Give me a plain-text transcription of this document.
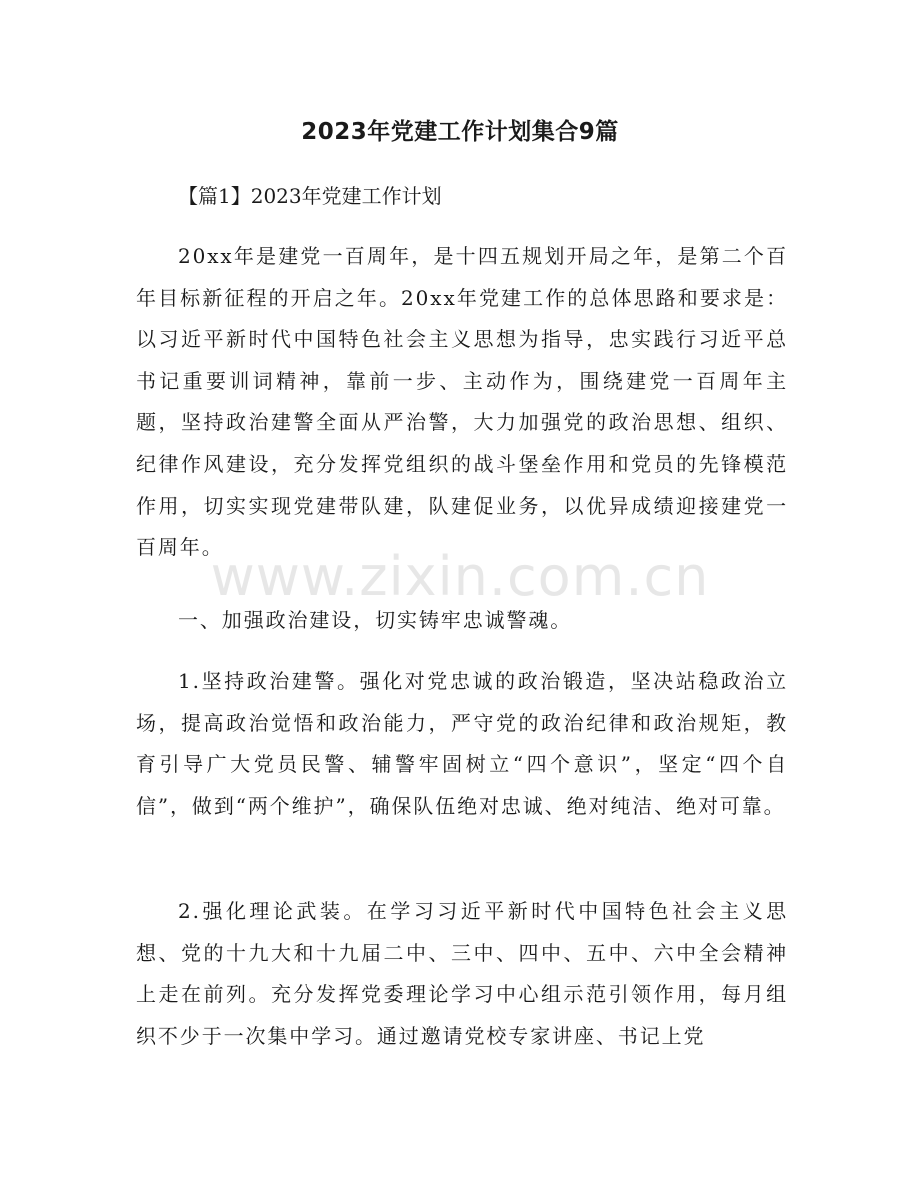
2023年党建工作计划集合9篇

【篇1】2023年党建工作计划

20xx年是建党一百周年，是十四五规划开局之年，是第二个百年目标新征程的开启之年。20xx年党建工作的总体思路和要求是：以习近平新时代中国特色社会主义思想为指导，忠实践行习近平总书记重要训词精神，靠前一步、主动作为，围绕建党一百周年主题，坚持政治建警全面从严治警，大力加强党的政治思想、组织、纪律作风建设，充分发挥党组织的战斗堡垒作用和党员的先锋模范作用，切实实现党建带队建，队建促业务，以优异成绩迎接建党一百周年。

一、加强政治建设，切实铸牢忠诚警魂。

1.坚持政治建警。强化对党忠诚的政治锻造，坚决站稳政治立场，提高政治觉悟和政治能力，严守党的政治纪律和政治规矩，教育引导广大党员民警、辅警牢固树立“四个意识”，坚定“四个自信”，做到“两个维护”，确保队伍绝对忠诚、绝对纯洁、绝对可靠。

2.强化理论武装。在学习习近平新时代中国特色社会主义思想、党的十九大和十九届二中、三中、四中、五中、六中全会精神上走在前列。充分发挥党委理论学习中心组示范引领作用，每月组织不少于一次集中学习。通过邀请党校专家讲座、书记上党

www.zixin.com.cn
